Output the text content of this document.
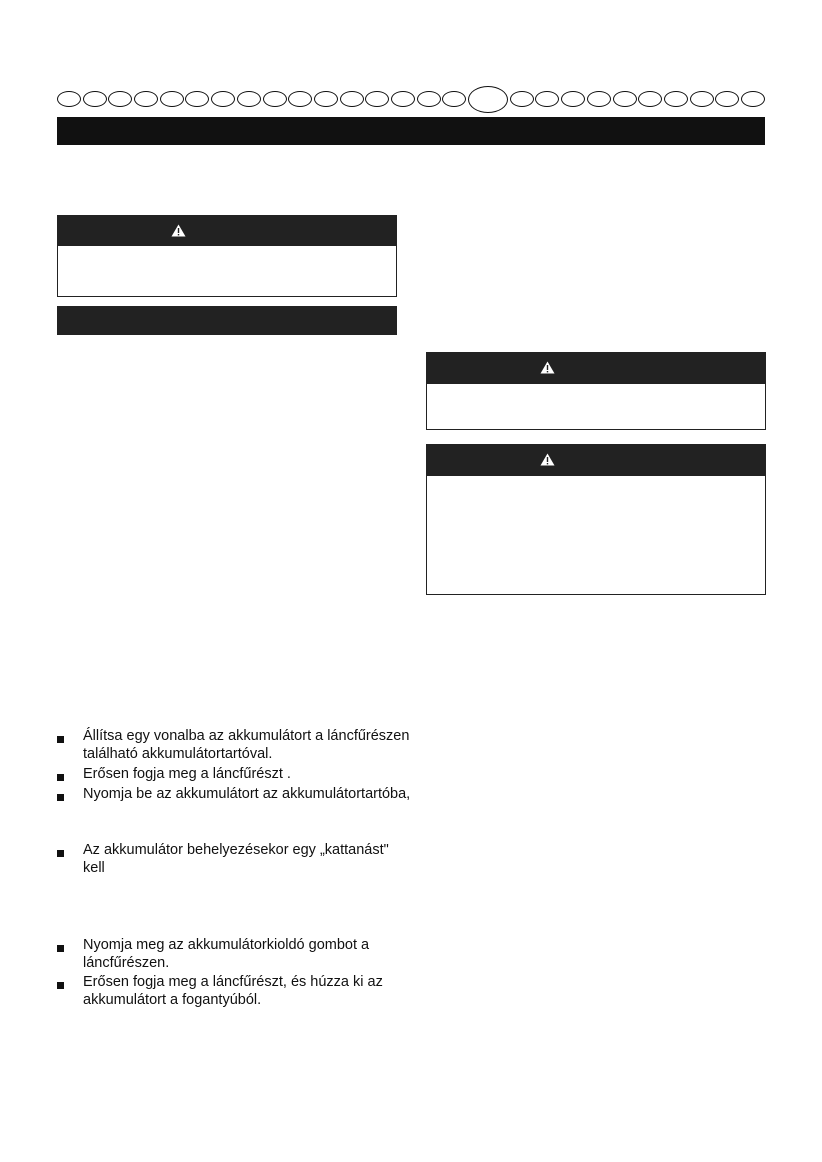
Állítsa egy vonalba az akkumulátort a láncfűrészen található akkumulátortartóval.
Erősen fogja meg a láncfűrészt .
Nyomja be az akkumulátort az akkumulátortartóba,
Az akkumulátor behelyezésekor egy „kattanást" kell
Nyomja meg az akkumulátorkioldó gombot a láncfűrészen.
Erősen fogja meg a láncfűrészt, és húzza ki az akkumulátort a fogantyúból.
